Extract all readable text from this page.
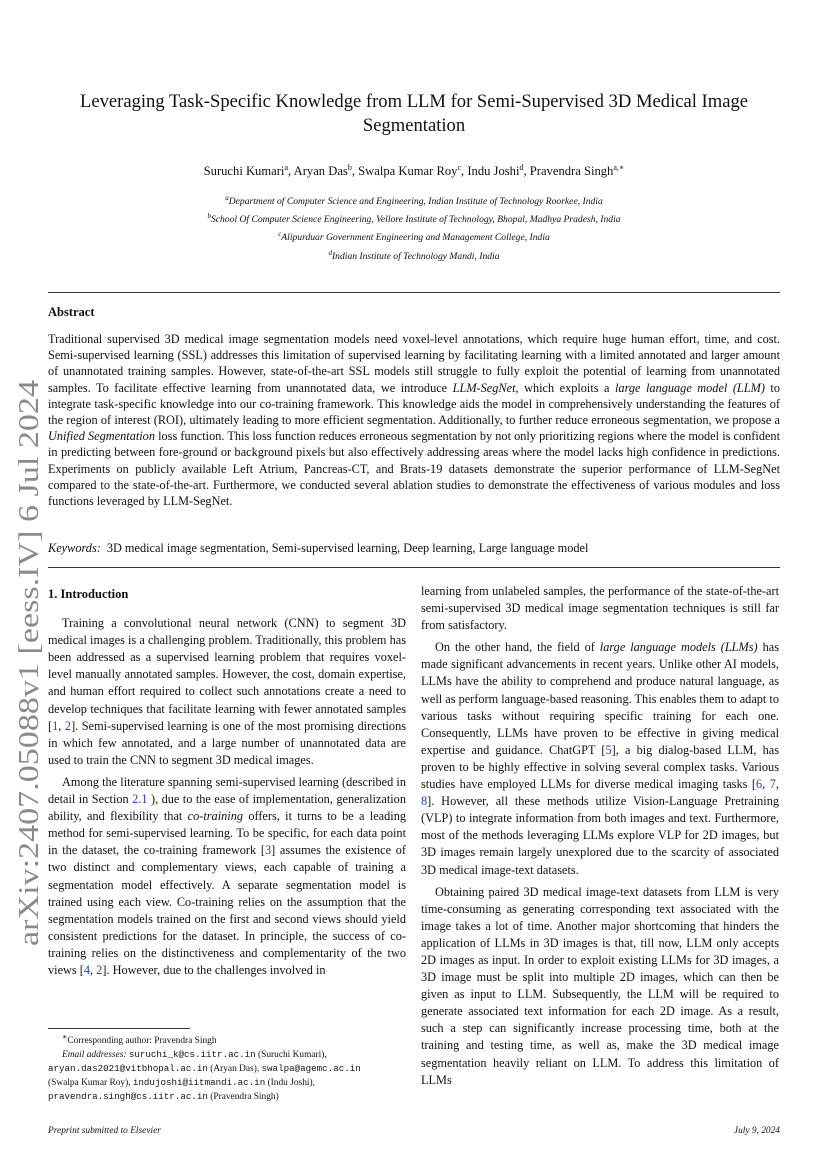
arXiv:2407.05088v1 [eess.IV] 6 Jul 2024
Leveraging Task-Specific Knowledge from LLM for Semi-Supervised 3D Medical Image
Segmentation
Suruchi Kumari$^a$, Aryan Das$^b$, Swalpa Kumar Roy$^c$, Indu Joshi$^d$, Pravendra Singh$^{a,∗}$
$^a$Department of Computer Science and Engineering, Indian Institute of Technology Roorkee, India
$^b$School Of Computer Science Engineering, Vellore Institute of Technology, Bhopal, Madhya Pradesh, India
$^c$Alipurduar Government Engineering and Management College, India
$^d$Indian Institute of Technology Mandi, India
Abstract

Traditional supervised 3D medical image segmentation models need voxel-level annotations, which require huge human effort, time, and cost. Semi-supervised learning (SSL) addresses this limitation of supervised learning by facilitating learning with a limited annotated and larger amount of unannotated training samples. However, state-of-the-art SSL models still struggle to fully exploit the potential of learning from unannotated samples. To facilitate effective learning from unannotated data, we introduce LLM-SegNet, which exploits a large language model (LLM) to integrate task-specific knowledge into our co-training framework. This knowledge aids the model in comprehensively understanding the features of the region of interest (ROI), ultimately leading to more efficient segmentation. Additionally, to further reduce erroneous segmentation, we propose a Unified Segmentation loss function. This loss function reduces erroneous segmentation by not only prioritizing regions where the model is confident in predicting between fore-ground or background pixels but also effectively addressing areas where the model lacks high confidence in predictions. Experiments on publicly available Left Atrium, Pancreas-CT, and Brats-19 datasets demonstrate the superior performance of LLM-SegNet compared to the state-of-the-art. Furthermore, we conducted several ablation studies to demonstrate the effectiveness of various modules and loss functions leveraged by LLM-SegNet.

Keywords: 3D medical image segmentation, Semi-supervised learning, Deep learning, Large language model

1. Introduction

Training a convolutional neural network (CNN) to segment 3D medical images is a challenging problem. Traditionally, this problem has been addressed as a supervised learning problem that requires voxel-level manually annotated samples. However, the cost, domain expertise, and human effort required to collect such annotations create a need to develop techniques that facilitate learning with fewer annotated samples [1, 2]. Semi-supervised learning is one of the most promising directions in which few annotated, and a large number of unannotated data are used to train the CNN to segment 3D medical images.

Among the literature spanning semi-supervised learning (described in detail in Section 2.1 ), due to the ease of implementation, generalization ability, and flexibility that co-training offers, it turns to be a leading method for semi-supervised learning. To be specific, for each data point in the dataset, the co-training framework [3] assumes the existence of two distinct and complementary views, each capable of training a segmentation model effectively. A separate segmentation model is trained using each view. Co-training relies on the assumption that the segmentation models trained on the first and second views should yield consistent predictions for the dataset. In principle, the success of co-training relies on the distinctiveness and complementarity of the two views [4, 2]. However, due to the challenges involved in

learning from unlabeled samples, the performance of the state-of-the-art semi-supervised 3D medical image segmentation techniques is still far from satisfactory.

On the other hand, the field of large language models (LLMs) has made significant advancements in recent years. Unlike other AI models, LLMs have the ability to comprehend and produce natural language, as well as perform language-based reasoning. This enables them to adapt to various tasks without requiring specific training for each one. Consequently, LLMs have proven to be effective in giving medical expertise and guidance. ChatGPT [5], a big dialog-based LLM, has proven to be highly effective in solving several complex tasks. Various studies have employed LLMs for diverse medical imaging tasks [6, 7, 8]. However, all these methods utilize Vision-Language Pretraining (VLP) to integrate information from both images and text. Furthermore, most of the methods leveraging LLMs explore VLP for 2D images, but 3D images remain largely unexplored due to the scarcity of associated 3D medical image-text datasets.

Obtaining paired 3D medical image-text datasets from LLM is very time-consuming as generating corresponding text associated with the image takes a lot of time. Another major shortcoming that hinders the application of LLMs in 3D images is that, till now, LLM only accepts 2D images as input. In order to exploit existing LLMs for 3D images, a 3D image must be split into multiple 2D images, which can then be given as input to LLM. Subsequently, the LLM will be required to generate associated text information for each 2D image. As a result, such a step can significantly increase processing time, both at the training and testing time, as well as, make the 3D medical image segmentation heavily reliant on LLM. To address this limitation of LLMs

∗Corresponding author: Pravendra Singh
Email addresses: suruchi_k@cs.iitr.ac.in (Suruchi Kumari),
aryan.das2021@vitbhopal.ac.in (Aryan Das), swalpa@agemc.ac.in
(Swalpa Kumar Roy), indujoshi@iitmandi.ac.in (Indu Joshi),
pravendra.singh@cs.iitr.ac.in (Pravendra Singh)
Preprint submitted to Elsevier	July 9, 2024
